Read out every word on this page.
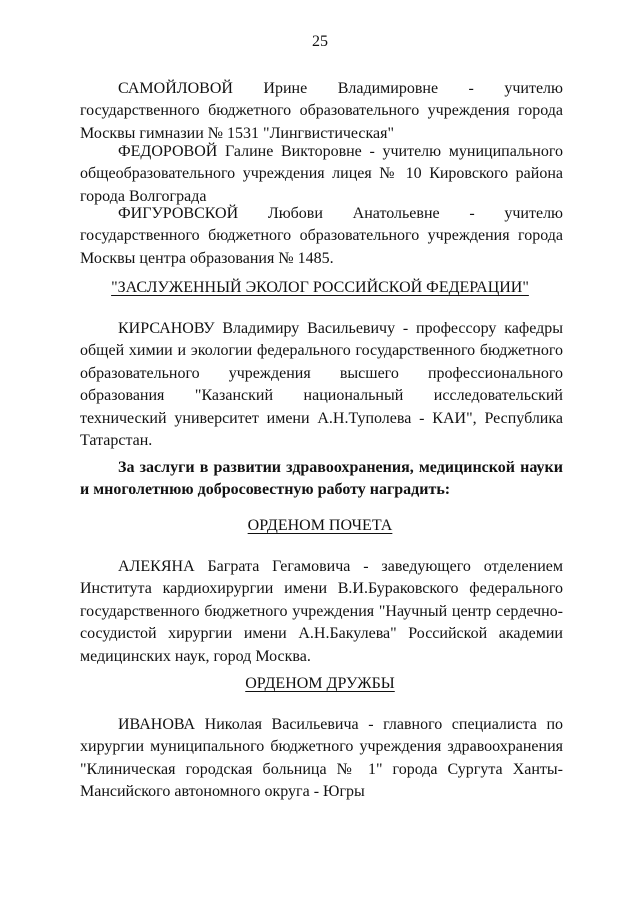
25
САМОЙЛОВОЙ Ирине Владимировне - учителю
государственного бюджетного образовательного учреждения города
Москвы гимназии № 1531 "Лингвистическая"
ФЕДОРОВОЙ Галине Викторовне - учителю муниципального
общеобразовательного учреждения лицея № 10 Кировского района
города Волгограда
ФИГУРОВСКОЙ Любови Анатольевне - учителю
государственного бюджетного образовательного учреждения города
Москвы центра образования № 1485.
"ЗАСЛУЖЕННЫЙ ЭКОЛОГ РОССИЙСКОЙ ФЕДЕРАЦИИ"
КИРСАНОВУ Владимиру Васильевичу - профессору кафедры
общей химии и экологии федерального государственного бюджетного
образовательного учреждения высшего профессионального
образования "Казанский национальный исследовательский
технический университет имени А.Н.Туполева - КАИ", Республика
Татарстан.
За заслуги в развитии здравоохранения, медицинской науки
и многолетнюю добросовестную работу наградить:
ОРДЕНОМ ПОЧЕТА
АЛЕКЯНА Баграта Гегамовича - заведующего отделением
Института кардиохирургии имени В.И.Бураковского федерального
государственного бюджетного учреждения "Научный центр сердечно-
сосудистой хирургии имени А.Н.Бакулева" Российской академии
медицинских наук, город Москва.
ОРДЕНОМ ДРУЖБЫ
ИВАНОВА Николая Васильевича - главного специалиста по
хирургии муниципального бюджетного учреждения здравоохранения
"Клиническая городская больница № 1" города Сургута Ханты-
Мансийского автономного округа - Югры
